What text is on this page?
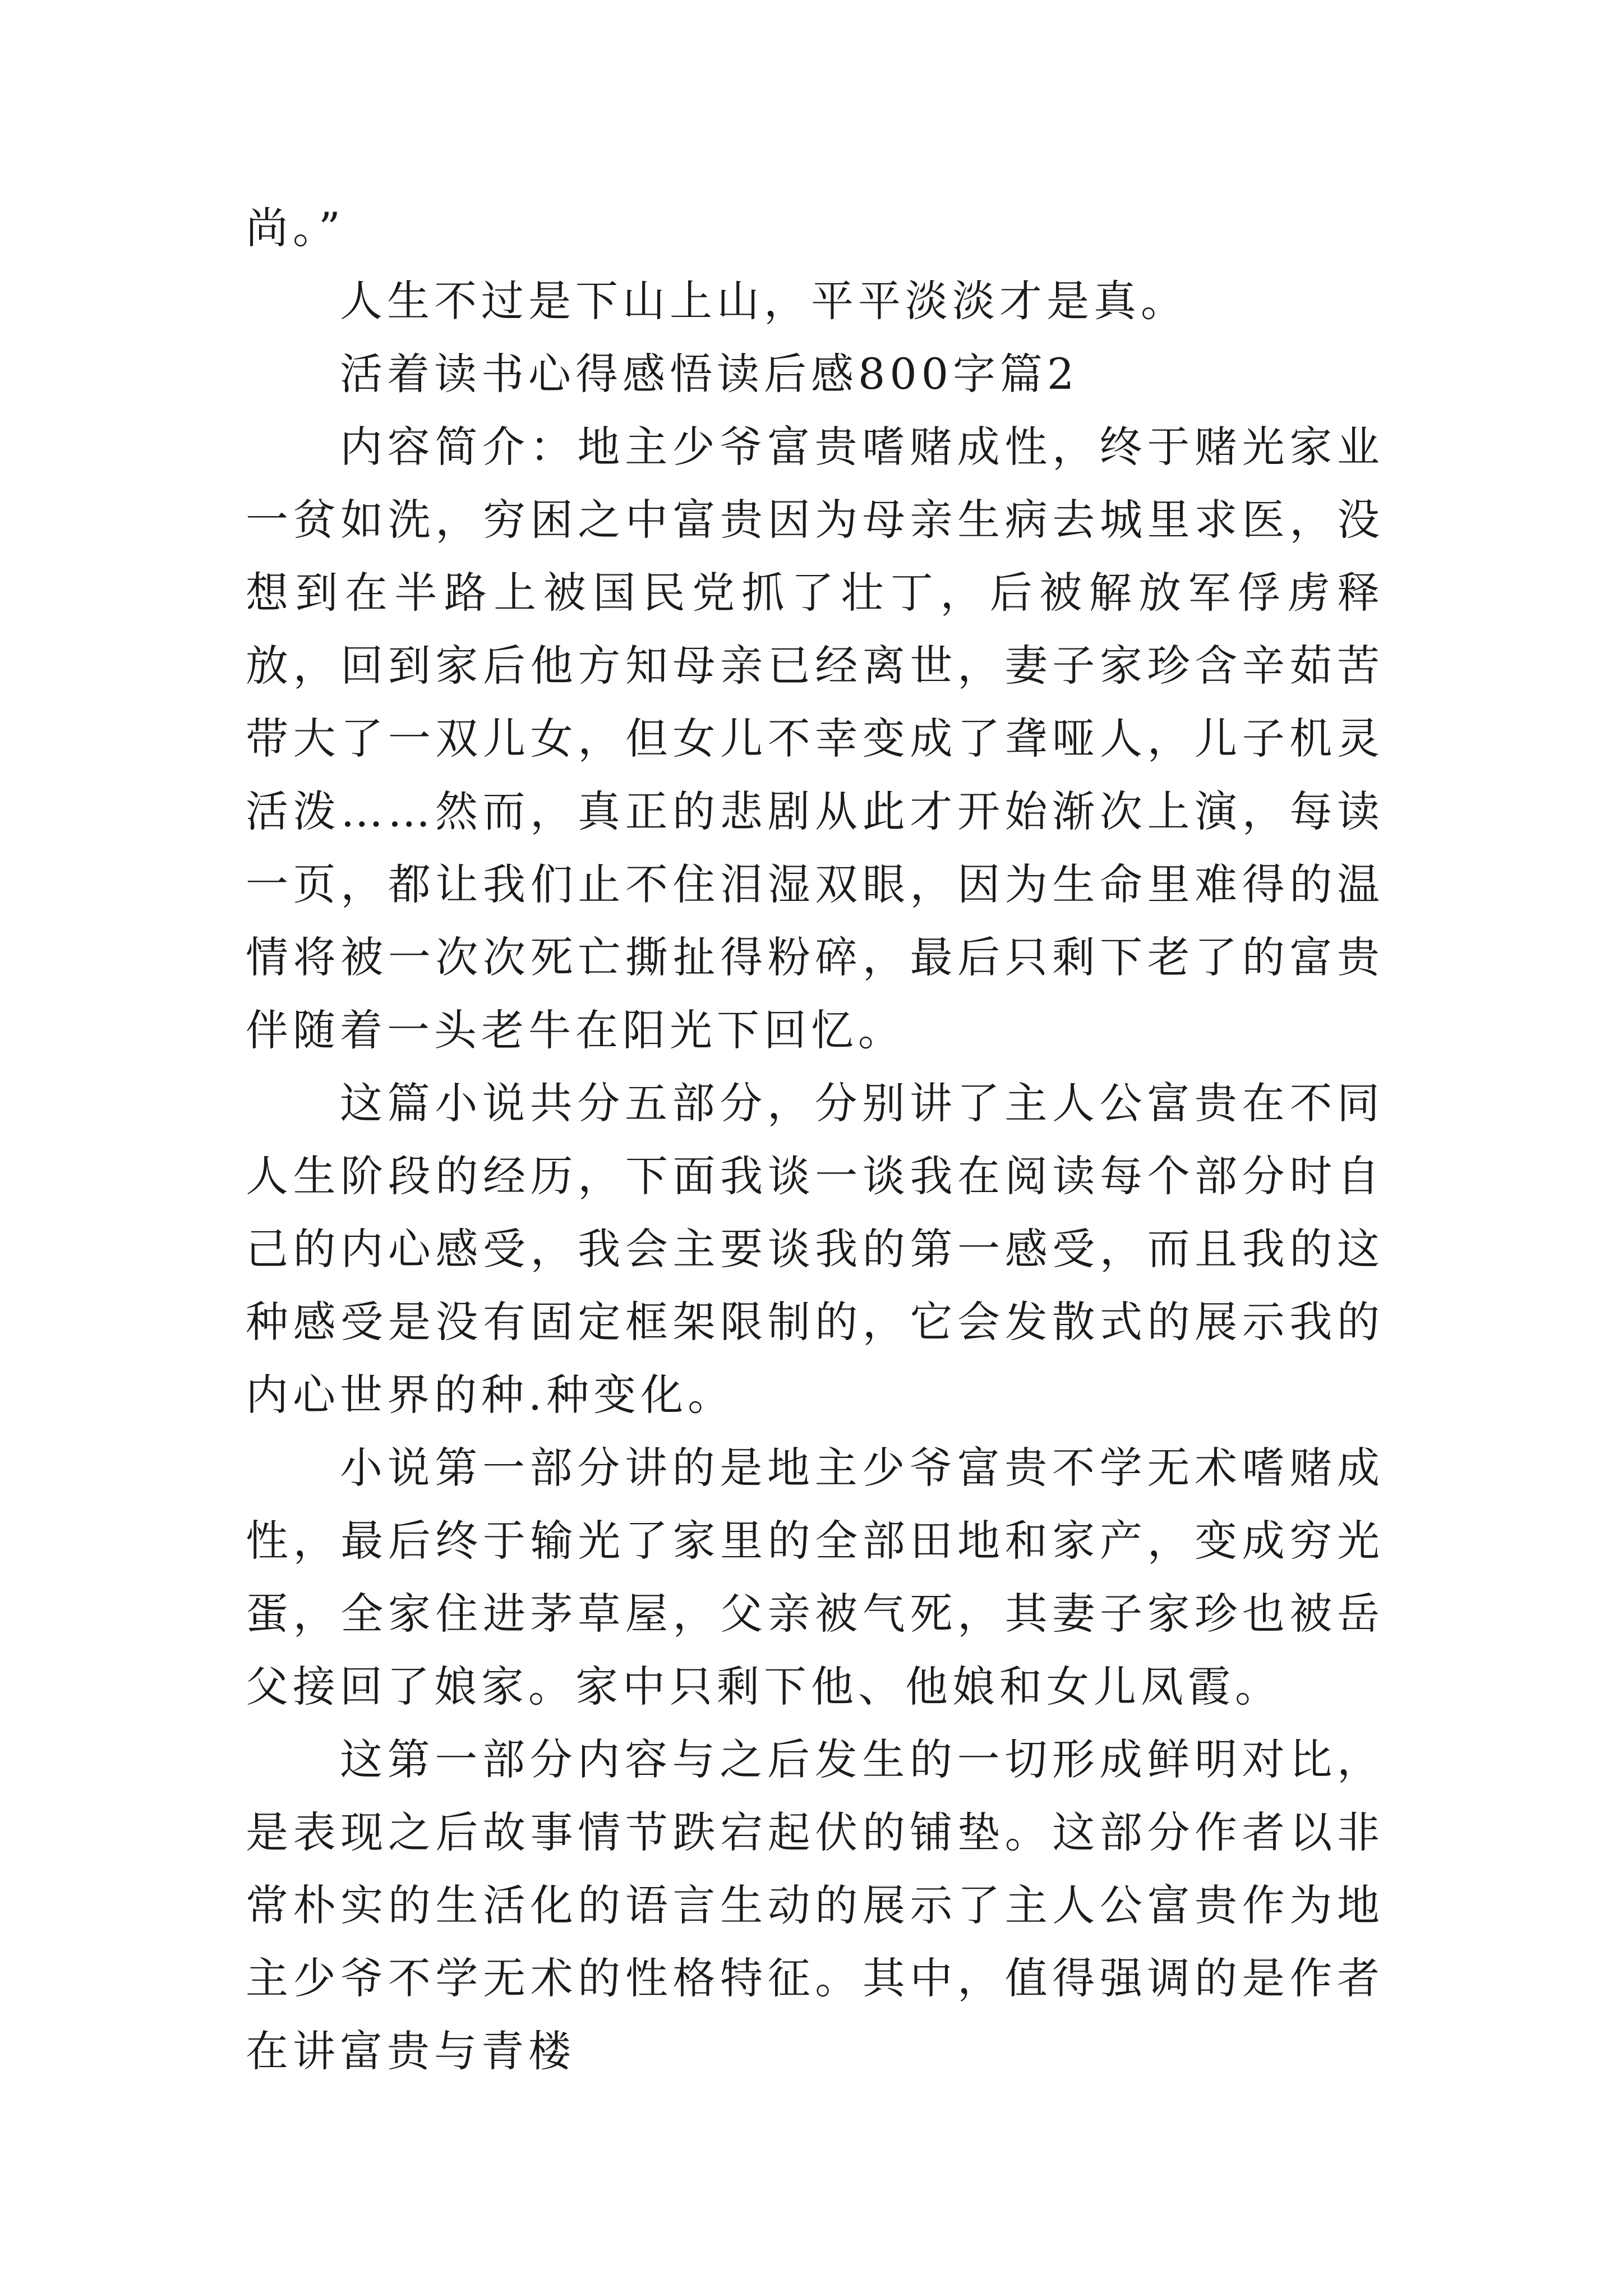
尚。”

人生不过是下山上山，平平淡淡才是真。

活着读书心得感悟读后感800字篇2

内容简介：地主少爷富贵嗜赌成性，终于赌光家业一贫如洗，穷困之中富贵因为母亲生病去城里求医，没想到在半路上被国民党抓了壮丁，后被解放军俘虏释放，回到家后他方知母亲已经离世，妻子家珍含辛茹苦带大了一双儿女，但女儿不幸变成了聋哑人，儿子机灵活泼……然而，真正的悲剧从此才开始渐次上演，每读一页，都让我们止不住泪湿双眼，因为生命里难得的温情将被一次次死亡撕扯得粉碎，最后只剩下老了的富贵伴随着一头老牛在阳光下回忆。

这篇小说共分五部分，分别讲了主人公富贵在不同人生阶段的经历，下面我谈一谈我在阅读每个部分时自己的内心感受，我会主要谈我的第一感受，而且我的这种感受是没有固定框架限制的，它会发散式的展示我的内心世界的种.种变化。

小说第一部分讲的是地主少爷富贵不学无术嗜赌成性，最后终于输光了家里的全部田地和家产，变成穷光蛋，全家住进茅草屋，父亲被气死，其妻子家珍也被岳父接回了娘家。家中只剩下他、他娘和女儿凤霞。

这第一部分内容与之后发生的一切形成鲜明对比，是表现之后故事情节跌宕起伏的铺垫。这部分作者以非常朴实的生活化的语言生动的展示了主人公富贵作为地主少爷不学无术的性格特征。其中，值得强调的是作者在讲富贵与青楼
